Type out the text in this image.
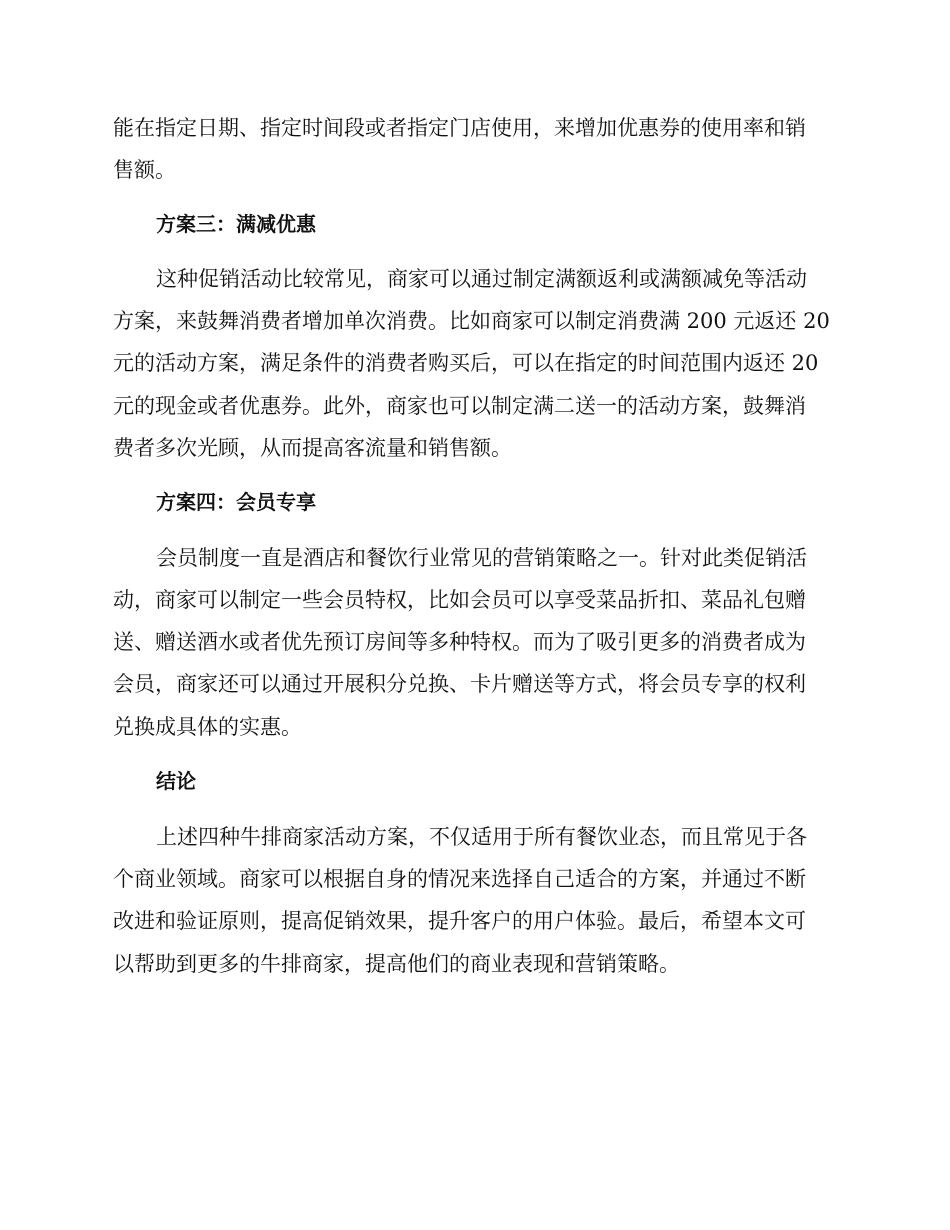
能在指定日期、指定时间段或者指定门店使用，来增加优惠券的使用率和销

售额。

方案三：满减优惠

这种促销活动比较常见，商家可以通过制定满额返利或满额减免等活动

方案，来鼓舞消费者增加单次消费。比如商家可以制定消费满 200 元返还 20

元的活动方案，满足条件的消费者购买后，可以在指定的时间范围内返还 20

元的现金或者优惠券。此外，商家也可以制定满二送一的活动方案，鼓舞消

费者多次光顾，从而提高客流量和销售额。

方案四：会员专享

会员制度一直是酒店和餐饮行业常见的营销策略之一。针对此类促销活

动，商家可以制定一些会员特权，比如会员可以享受菜品折扣、菜品礼包赠

送、赠送酒水或者优先预订房间等多种特权。而为了吸引更多的消费者成为

会员，商家还可以通过开展积分兑换、卡片赠送等方式，将会员专享的权利

兑换成具体的实惠。

结论

上述四种牛排商家活动方案，不仅适用于所有餐饮业态，而且常见于各

个商业领域。商家可以根据自身的情况来选择自己适合的方案，并通过不断

改进和验证原则，提高促销效果，提升客户的用户体验。最后，希望本文可

以帮助到更多的牛排商家，提高他们的商业表现和营销策略。
